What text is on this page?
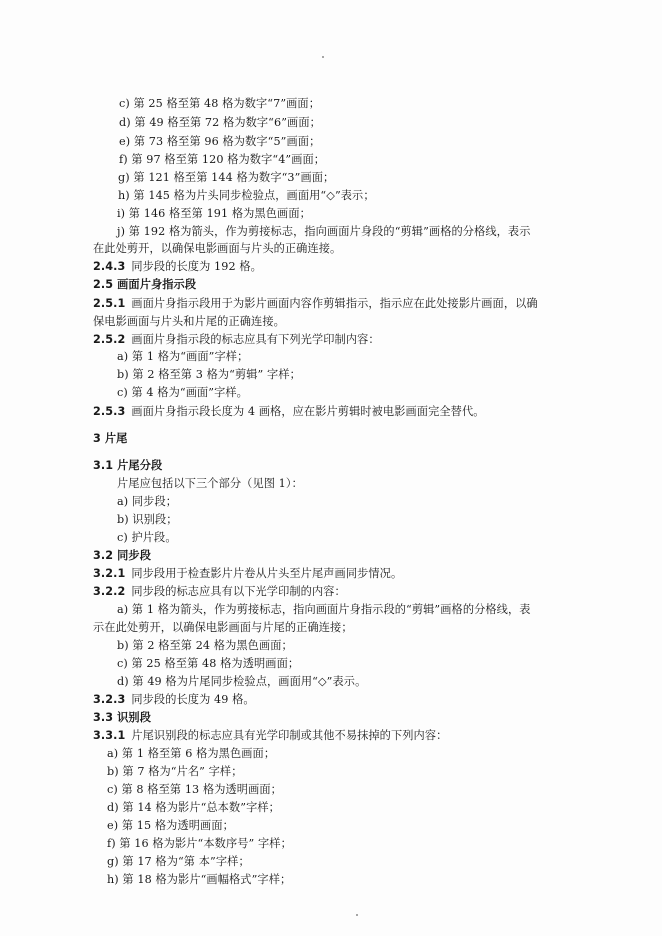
c) 第 25 格至第 48 格为数字“7”画面；
d) 第 49 格至第 72 格为数字“6”画面；
e) 第 73 格至第 96 格为数字“5”画面；
f) 第 97 格至第 120 格为数字“4”画面；
g) 第 121 格至第 144 格为数字“3”画面；
h) 第 145 格为片头同步检验点，画面用“◇”表示；
i) 第 146 格至第 191 格为黑色画面；
j) 第 192 格为箭头，作为剪接标志，指向画面片身段的“剪辑”画格的分格线，表示
在此处剪开，以确保电影画面与片头的正确连接。
2.4.3 同步段的长度为 192 格。
2.5 画面片身指示段
2.5.1 画面片身指示段用于为影片画面内容作剪辑指示，指示应在此处接影片画面，以确
保电影画面与片头和片尾的正确连接。
2.5.2 画面片身指示段的标志应具有下列光学印制内容：
a) 第 1 格为“画面”字样；
b) 第 2 格至第 3 格为“剪辑” 字样；
c) 第 4 格为“画面”字样。
2.5.3 画面片身指示段长度为 4 画格，应在影片剪辑时被电影画面完全替代。
3 片尾
3.1 片尾分段
片尾应包括以下三个部分（见图 1）：
a) 同步段；
b) 识别段；
c) 护片段。
3.2 同步段
3.2.1 同步段用于检查影片片卷从片头至片尾声画同步情况。
3.2.2 同步段的标志应具有以下光学印制的内容：
a) 第 1 格为箭头，作为剪接标志，指向画面片身指示段的“剪辑”画格的分格线，表
示在此处剪开，以确保电影画面与片尾的正确连接；
b) 第 2 格至第 24 格为黑色画面；
c) 第 25 格至第 48 格为透明画面；
d) 第 49 格为片尾同步检验点，画面用“◇”表示。
3.2.3 同步段的长度为 49 格。
3.3 识别段
3.3.1 片尾识别段的标志应具有光学印制或其他不易抹掉的下列内容：
a) 第 1 格至第 6 格为黑色画面；
b) 第 7 格为“片名” 字样；
c) 第 8 格至第 13 格为透明画面；
d) 第 14 格为影片“总本数”字样；
e) 第 15 格为透明画面；
f) 第 16 格为影片“本数序号” 字样；
g) 第 17 格为“第 本”字样；
h) 第 18 格为影片“画幅格式”字样；
